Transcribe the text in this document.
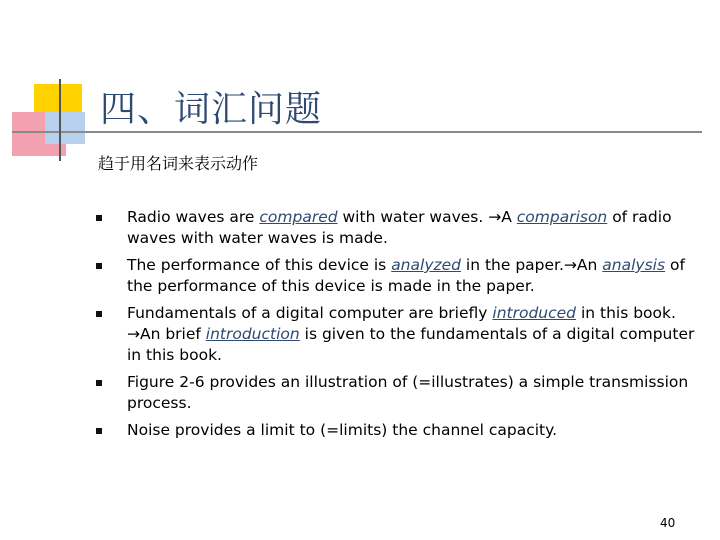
四、词汇问题

趋于用名词来表示动作

Radio waves are compared with water waves. →A comparison of radio waves with water waves is made.
The performance of this device is analyzed in the paper.→An analysis of the performance of this device is made in the paper.
Fundamentals of a digital computer are briefly introduced in this book. →An brief introduction is given to the fundamentals of a digital computer in this book.
Figure 2-6 provides an illustration of (=illustrates) a simple transmission process.
Noise provides a limit to (=limits) the channel capacity.
40
